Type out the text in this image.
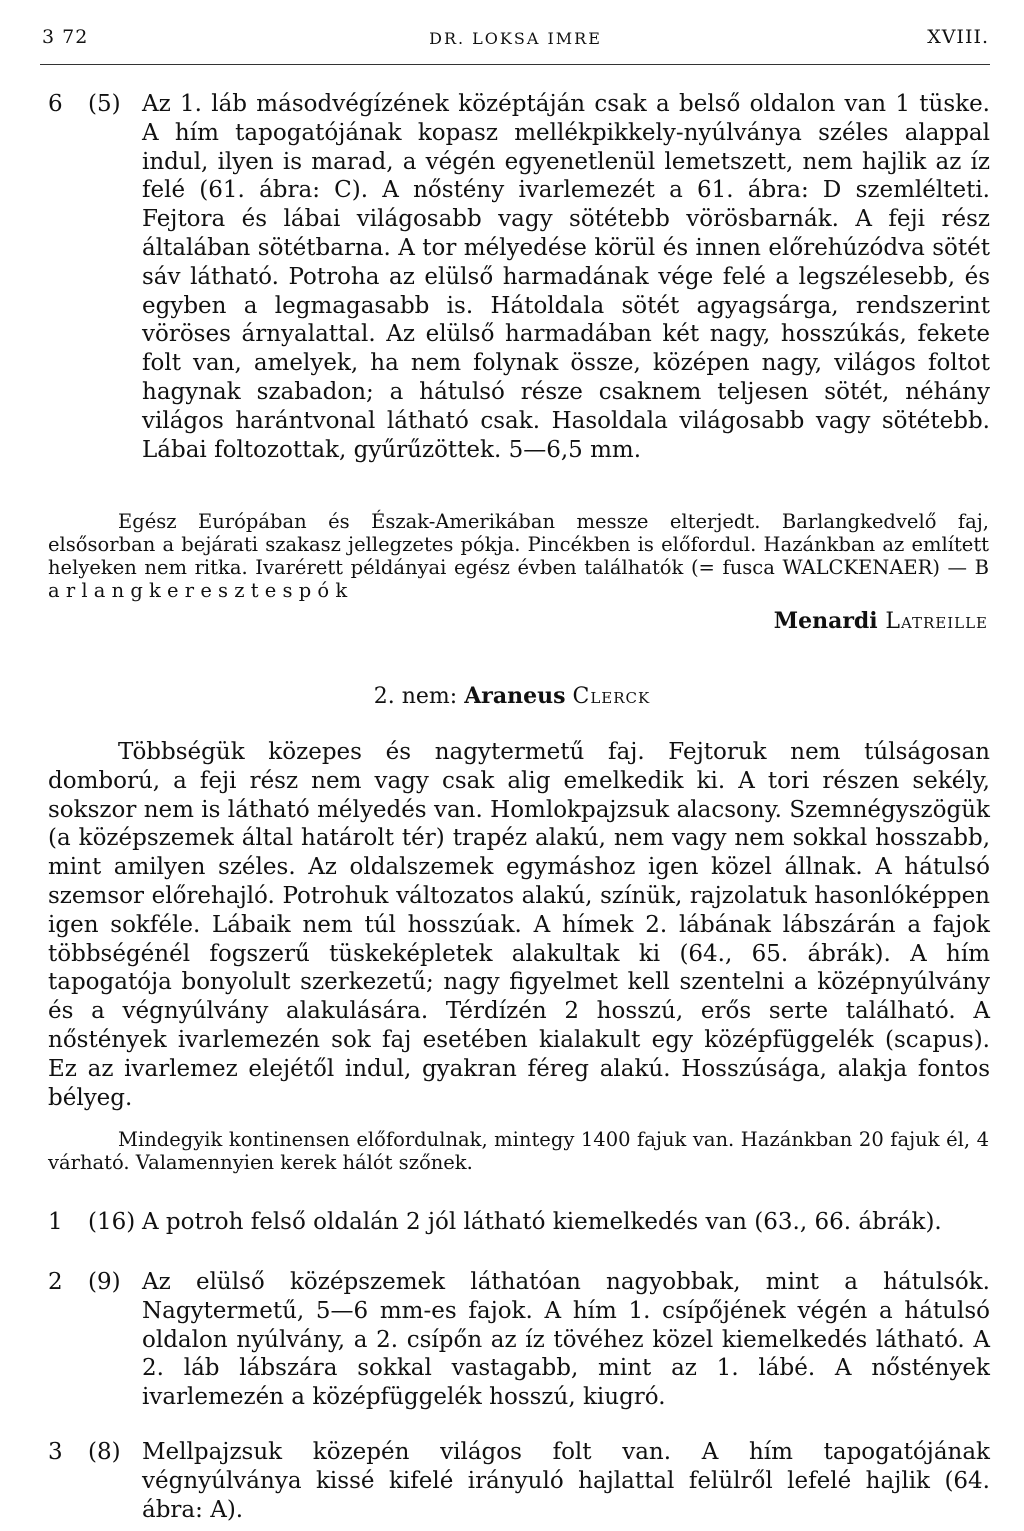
3 72	DR. LOKSA IMRE	XVIII.
6 (5) Az 1. láb másodvégízének középtáján csak a belső oldalon van 1 tüske. A hím tapogatójának kopasz mellékpikkely-nyúlványa széles alappal indul, ilyen is marad, a végén egyenetlenül lemetszett, nem hajlik az íz felé (61. ábra: C). A nőstény ivarlemezét a 61. ábra: D szemlélteti. Fejtora és lábai világosabb vagy sötétebb vörösbarnák. A feji rész általában sötétbarna. A tor mélyedése körül és innen előrehúzódva sötét sáv látható. Potroha az elülső harmadának vége felé a legszélesebb, és egyben a legmagasabb is. Hátoldala sötét agyagsárga, rendszerint vöröses árnyalattal. Az elülső harmadában két nagy, hosszúkás, fekete folt van, amelyek, ha nem folynak össze, középen nagy, világos foltot hagynak szabadon; a hátulsó része csaknem teljesen sötét, néhány világos harántvonal látható csak. Hasoldala világosabb vagy sötétebb. Lábai foltozottak, gyűrűzöttek. 5—6,5 mm.
Egész Európában és Észak-Amerikában messze elterjedt. Barlangkedvelő faj, elsősorban a bejárati szakasz jellegzetes pókja. Pincékben is előfordul. Hazánkban az említett helyeken nem ritka. Ivarérett példányai egész évben találhatók (= fusca WALCKENAER) — B a r l a n g k e r e s z t e s p ó k
Menardi Latreille
2. nem: Araneus Clerck
Többségük közepes és nagytermetű faj. Fejtoruk nem túlságosan domború, a feji rész nem vagy csak alig emelkedik ki. A tori részen sekély, sokszor nem is látható mélyedés van. Homlokpajzsuk alacsony. Szemnégyszögük (a középszemek által határolt tér) trapéz alakú, nem vagy nem sokkal hosszabb, mint amilyen széles. Az oldalszemek egymáshoz igen közel állnak. A hátulsó szemsor előrehajló. Potrohuk változatos alakú, színük, rajzolatuk hasonlóképpen igen sokféle. Lábaik nem túl hosszúak. A hímek 2. lábának lábszárán a fajok többségénél fogszerű tüskeképletek alakultak ki (64., 65. ábrák). A hím tapogatója bonyolult szerkezetű; nagy figyelmet kell szentelni a középnyúlvány és a végnyúlvány alakulására. Térdízén 2 hosszú, erős serte található. A nőstények ivarlemezén sok faj esetében kialakult egy középfüggelék (scapus). Ez az ivarlemez elejétől indul, gyakran féreg alakú. Hosszúsága, alakja fontos bélyeg.
Mindegyik kontinensen előfordulnak, mintegy 1400 fajuk van. Hazánkban 20 fajuk él, 4 várható. Valamennyien kerek hálót szőnek.
1 (16) A potroh felső oldalán 2 jól látható kiemelkedés van (63., 66. ábrák).
2 (9) Az elülső középszemek láthatóan nagyobbak, mint a hátulsók. Nagytermetű, 5—6 mm-es fajok. A hím 1. csípőjének végén a hátulsó oldalon nyúlvány, a 2. csípőn az íz tövéhez közel kiemelkedés látható. A 2. láb lábszára sokkal vastagabb, mint az 1. lábé. A nőstények ivarlemezén a középfüggelék hosszú, kiugró.
3 (8) Mellpajzsuk közepén világos folt van. A hím tapogatójának végnyúlványa kissé kifelé irányuló hajlattal felülről lefelé hajlik (64. ábra: A).
